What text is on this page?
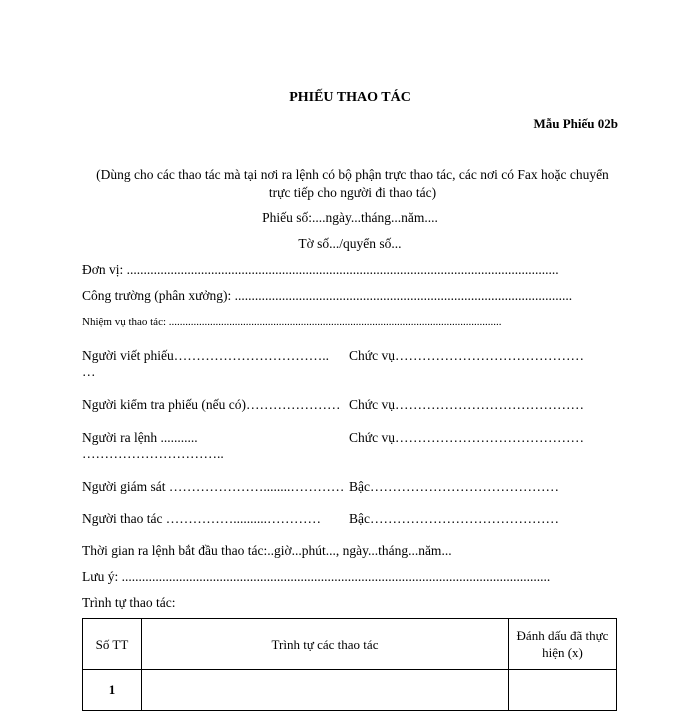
PHIẾU THAO TÁC
Mẫu Phiếu 02b
(Dùng cho các thao tác mà tại nơi ra lệnh có bộ phận trực thao tác, các nơi có Fax hoặc chuyển
trực tiếp cho người đi thao tác)
Phiếu số:....ngày...tháng...năm....
Tờ số.../quyển số...
Đơn vị: ................................................................................................................................
Công trường (phân xưởng): ....................................................................................................
Nhiệm vụ thao tác: .........................................................................................................................
Người viết phiếu…………………………….. Chức vụ……………………………………
…
Người kiểm tra phiếu (nếu có)………………… Chức vụ……………………………………
Người ra lệnh ...........	Chức vụ……………………………………
…………………………..
Người giám sát …………………........………… Bậc……………………………………
Người thao tác ……………..........………… Bậc……………………………………
Thời gian ra lệnh bắt đầu thao tác:..giờ...phút..., ngày...tháng...năm...
Lưu ý: ...............................................................................................................................
Trình tự thao tác:
Số TT	Trình tự các thao tác	Đánh dấu đã thực hiện (x)
1		
